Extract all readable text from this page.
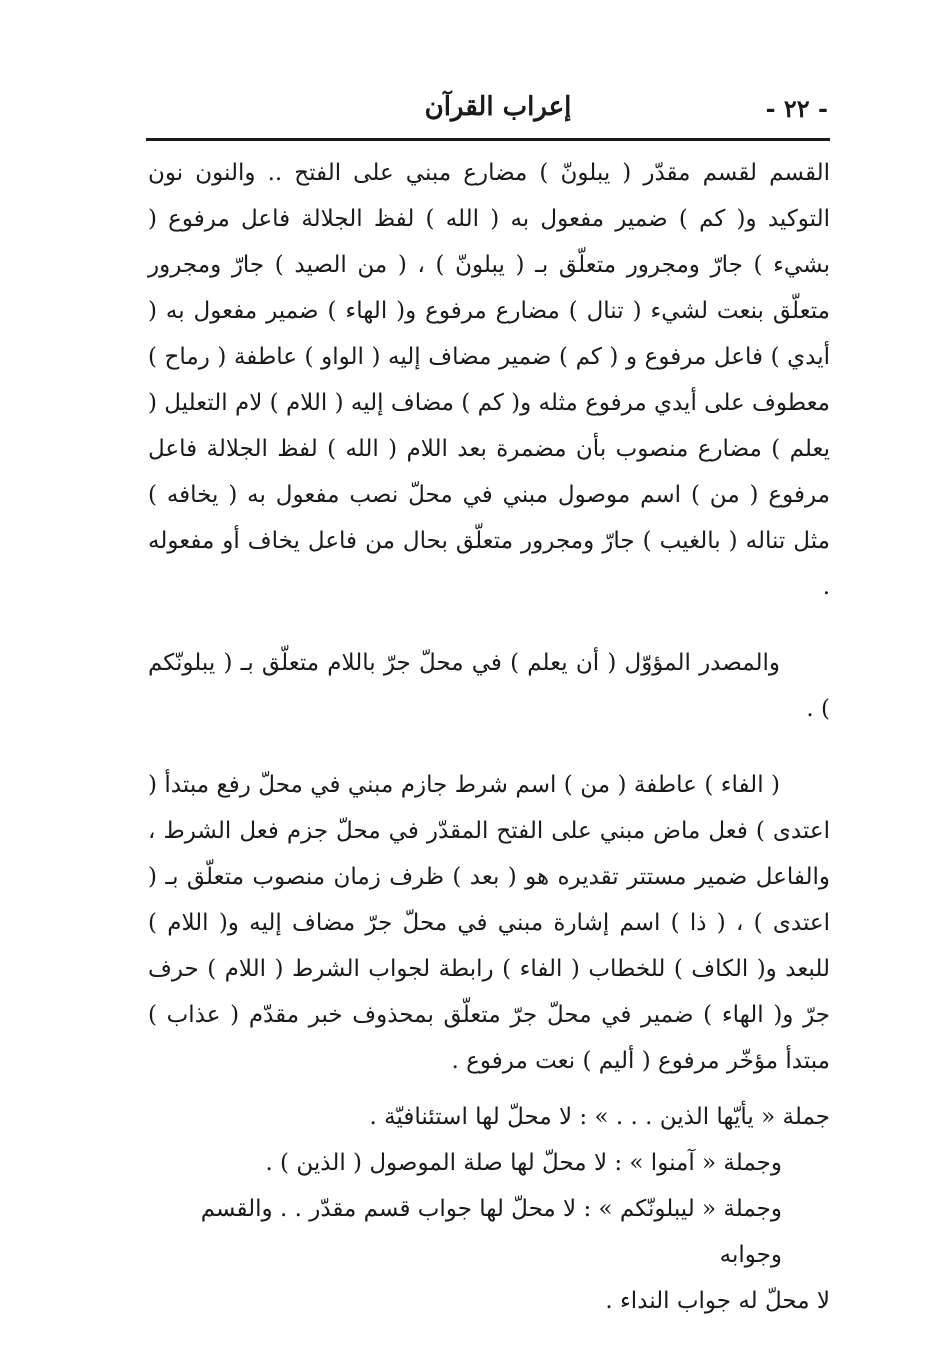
- ٢٢ -
إعراب القرآن

القسم لقسم مقدّر ( يبلونّ ) مضارع مبني على الفتح .. والنون نون التوكيد و( كم ) ضمير مفعول به ( الله ) لفظ الجلالة فاعل مرفوع ( بشيء ) جارّ ومجرور متعلّق بـ ( يبلونّ ) ، ( من الصيد ) جارّ ومجرور متعلّق بنعت لشيء ( تنال ) مضارع مرفوع و( الهاء ) ضمير مفعول به ( أيدي ) فاعل مرفوع و ( كم ) ضمير مضاف إليه ( الواو ) عاطفة ( رماح ) معطوف على أيدي مرفوع مثله و( كم ) مضاف إليه ( اللام ) لام التعليل ( يعلم ) مضارع منصوب بأن مضمرة بعد اللام ( الله ) لفظ الجلالة فاعل مرفوع ( من ) اسم موصول مبني في محلّ نصب مفعول به ( يخافه ) مثل تناله ( بالغيب ) جارّ ومجرور متعلّق بحال من فاعل يخاف أو مفعوله .

والمصدر المؤوّل ( أن يعلم ) في محلّ جرّ باللام متعلّق بـ ( يبلونّكم ) .

( الفاء ) عاطفة ( من ) اسم شرط جازم مبني في محلّ رفع مبتدأ ( اعتدى ) فعل ماض مبني على الفتح المقدّر في محلّ جزم فعل الشرط ، والفاعل ضمير مستتر تقديره هو ( بعد ) ظرف زمان منصوب متعلّق بـ ( اعتدى ) ، ( ذا ) اسم إشارة مبني في محلّ جرّ مضاف إليه و( اللام ) للبعد و( الكاف ) للخطاب ( الفاء ) رابطة لجواب الشرط ( اللام ) حرف جرّ و( الهاء ) ضمير في محلّ جرّ متعلّق بمحذوف خبر مقدّم ( عذاب ) مبتدأ مؤخّر مرفوع ( أليم ) نعت مرفوع .

جملة « يأيّها الذين . . . » : لا محلّ لها استئنافيّة .

وجملة « آمنوا » : لا محلّ لها صلة الموصول ( الذين ) .

وجملة « ليبلونّكم » : لا محلّ لها جواب قسم مقدّر . . والقسم وجوابه

لا محلّ له جواب النداء .
